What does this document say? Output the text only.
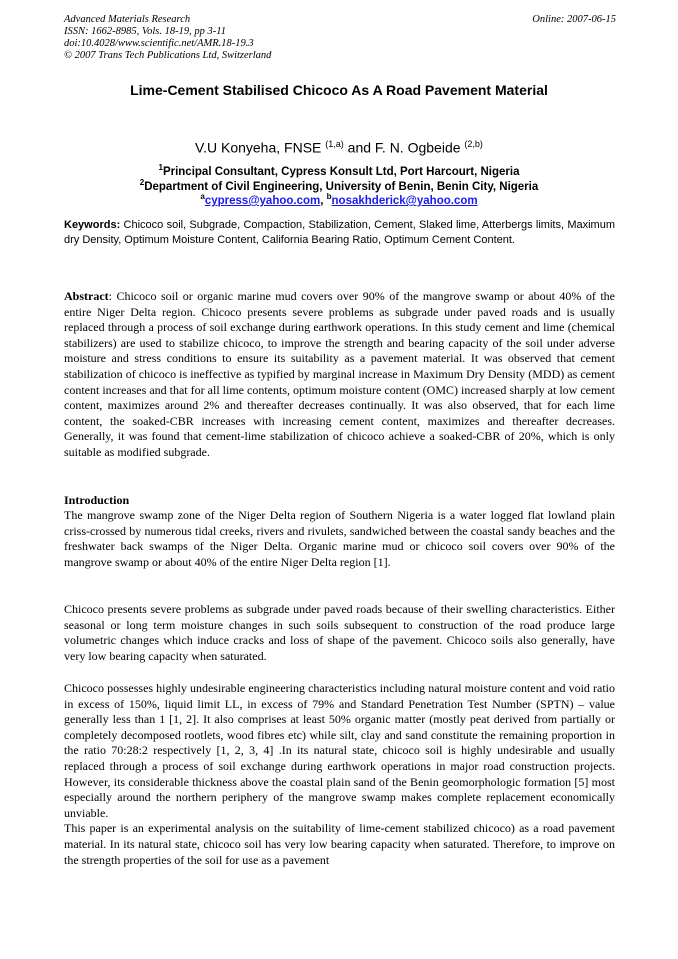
Advanced Materials Research
ISSN: 1662-8985, Vols. 18-19, pp 3-11
doi:10.4028/www.scientific.net/AMR.18-19.3
© 2007 Trans Tech Publications Ltd, Switzerland
Online: 2007-06-15
Lime-Cement Stabilised Chicoco As A Road Pavement Material
V.U Konyeha, FNSE $^{(1,a)}$ and F. N. Ogbeide $^{(2,b)}$
$^1$Principal Consultant, Cypress Konsult Ltd, Port Harcourt, Nigeria
$^2$Department of Civil Engineering, University of Benin, Benin City, Nigeria
$^a$cypress@yahoo.com, $^b$nosakhderick@yahoo.com
Keywords: Chicoco soil, Subgrade, Compaction, Stabilization, Cement, Slaked lime, Atterbergs limits, Maximum dry Density, Optimum Moisture Content, California Bearing Ratio, Optimum Cement Content.
Abstract: Chicoco soil or organic marine mud covers over 90% of the mangrove swamp or about 40% of the entire Niger Delta region. Chicoco presents severe problems as subgrade under paved roads and is usually replaced through a process of soil exchange during earthwork operations. In this study cement and lime (chemical stabilizers) are used to stabilize chicoco, to improve the strength and bearing capacity of the soil under adverse moisture and stress conditions to ensure its suitability as a pavement material. It was observed that cement stabilization of chicoco is ineffective as typified by marginal increase in Maximum Dry Density (MDD) as cement content increases and that for all lime contents, optimum moisture content (OMC) increased sharply at low cement content, maximizes around 2% and thereafter decreases continually. It was also observed, that for each lime content, the soaked-CBR increases with increasing cement content, maximizes and thereafter decreases. Generally, it was found that cement-lime stabilization of chicoco achieve a soaked-CBR of 20%, which is only suitable as modified subgrade.
Introduction
The mangrove swamp zone of the Niger Delta region of Southern Nigeria is a water logged flat lowland plain criss-crossed by numerous tidal creeks, rivers and rivulets, sandwiched between the coastal sandy beaches and the freshwater back swamps of the Niger Delta. Organic marine mud or chicoco soil covers over 90% of the mangrove swamp or about 40% of the entire Niger Delta region [1].
Chicoco presents severe problems as subgrade under paved roads because of their swelling characteristics. Either seasonal or long term moisture changes in such soils subsequent to construction of the road produce large volumetric changes which induce cracks and loss of shape of the pavement. Chicoco soils also generally, have very low bearing capacity when saturated.
Chicoco possesses highly undesirable engineering characteristics including natural moisture content and void ratio in excess of 150%, liquid limit LL, in excess of 79% and Standard Penetration Test Number (SPTN) – value generally less than 1 [1, 2]. It also comprises at least 50% organic matter (mostly peat derived from partially or completely decomposed rootlets, wood fibres etc) while silt, clay and sand constitute the remaining proportion in the ratio 70:28:2 respectively [1, 2, 3, 4] .In its natural state, chicoco soil is highly undesirable and usually replaced through a process of soil exchange during earthwork operations in major road construction projects. However, its considerable thickness above the coastal plain sand of the Benin geomorphologic formation [5] most especially around the northern periphery of the mangrove swamp makes complete replacement economically unviable.
This paper is an experimental analysis on the suitability of lime-cement stabilized chicoco) as a road pavement material. In its natural state, chicoco soil has very low bearing capacity when saturated. Therefore, to improve on the strength properties of the soil for use as a pavement
